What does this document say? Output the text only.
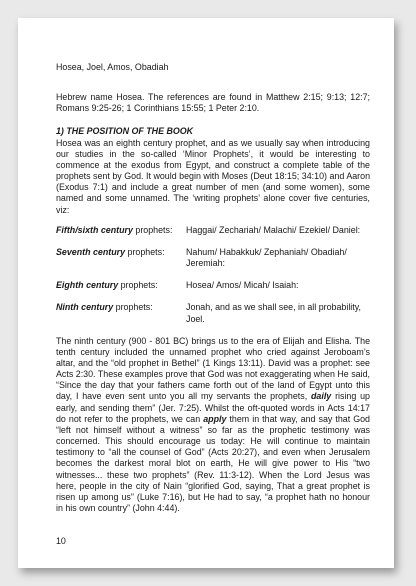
Hosea, Joel, Amos, Obadiah

Hebrew name Hosea. The references are found in Matthew 2:15; 9:13; 12:7; Romans 9:25-26; 1 Corinthians 15:55; 1 Peter 2:10.

1) THE POSITION OF THE BOOK

Hosea was an eighth century prophet, and as we usually say when introducing our studies in the so-called ‘Minor Prophets’, it would be interesting to commence at the exodus from Egypt, and construct a complete table of the prophets sent by God. It would begin with Moses (Deut 18:15; 34:10) and Aaron (Exodus 7:1) and include a great number of men (and some women), some named and some unnamed. The ‘writing prophets’ alone cover five centuries, viz:

Fifth/sixth century prophets:	Haggai/ Zechariah/ Malachi/ Ezekiel/ Daniel:
Seventh century prophets:	Nahum/ Habakkuk/ Zephaniah/ Obadiah/ Jeremiah:
Eighth century prophets:	Hosea/ Amos/ Micah/ Isaiah:
Ninth century prophets:	Jonah, and as we shall see, in all probability, Joel.

The ninth century (900 - 801 BC) brings us to the era of Elijah and Elisha. The tenth century included the unnamed prophet who cried against Jeroboam’s altar, and the “old prophet in Bethel” (1 Kings 13:11). David was a prophet: see Acts 2:30. These examples prove that God was not exaggerating when He said, “Since the day that your fathers came forth out of the land of Egypt unto this day, I have even sent unto you all my servants the prophets, daily rising up early, and sending them” (Jer. 7:25). Whilst the oft-quoted words in Acts 14:17 do not refer to the prophets, we can apply them in that way, and say that God “left not himself without a witness” so far as the prophetic testimony was concerned. This should encourage us today: He will continue to maintain testimony to “all the counsel of God” (Acts 20:27), and even when Jerusalem becomes the darkest moral blot on earth, He will give power to His “two witnesses... these two prophets” (Rev. 11:3-12). When the Lord Jesus was here, people in the city of Nain “glorified God, saying, That a great prophet is risen up among us” (Luke 7:16), but He had to say, “a prophet hath no honour in his own country” (John 4:44).

10
